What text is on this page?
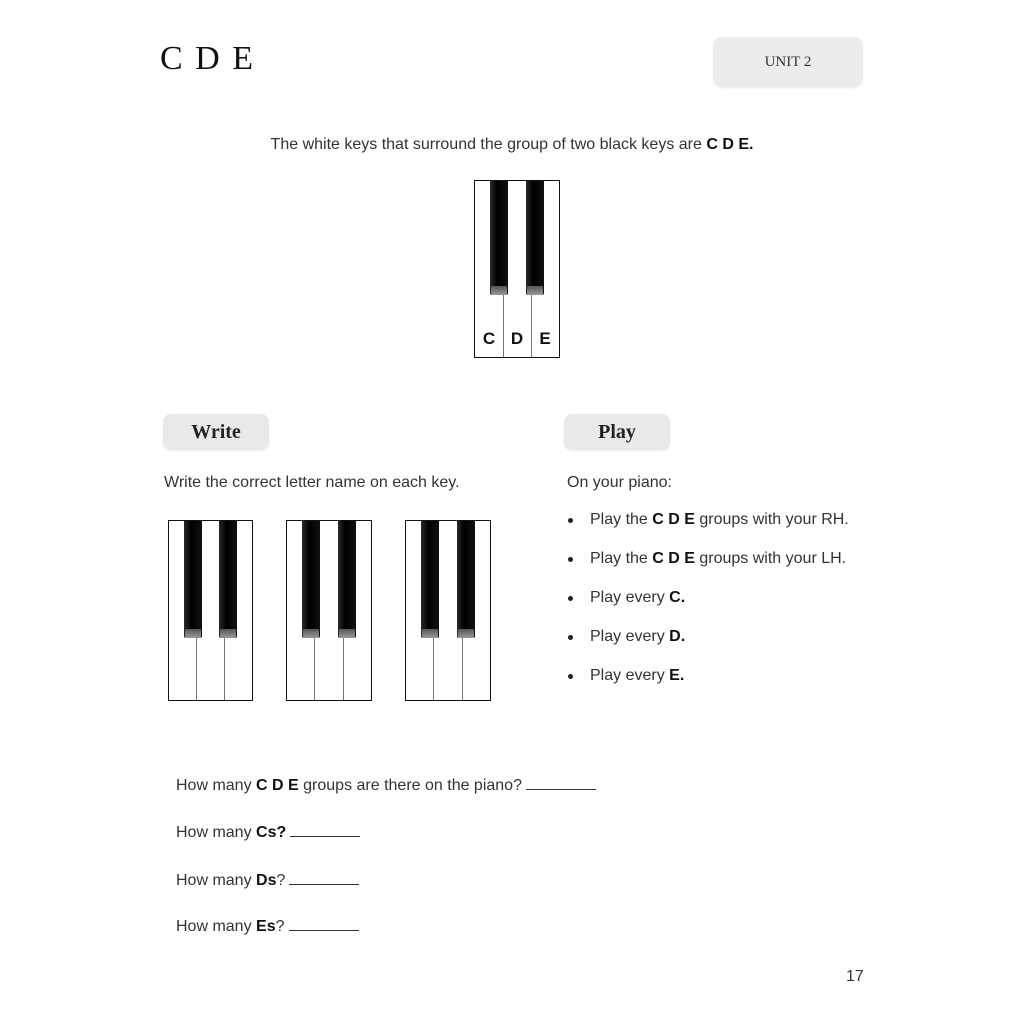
C D E	UNIT 2
The white keys that surround the group of two black keys are C D E.
C D E
Write
Write the correct letter name on each key.
Play
On your piano:
Play the C D E groups with your RH.
Play the C D E groups with your LH.
Play every C.
Play every D.
Play every E.
How many C D E groups are there on the piano?
How many Cs?
How many Ds?
How many Es?
17
